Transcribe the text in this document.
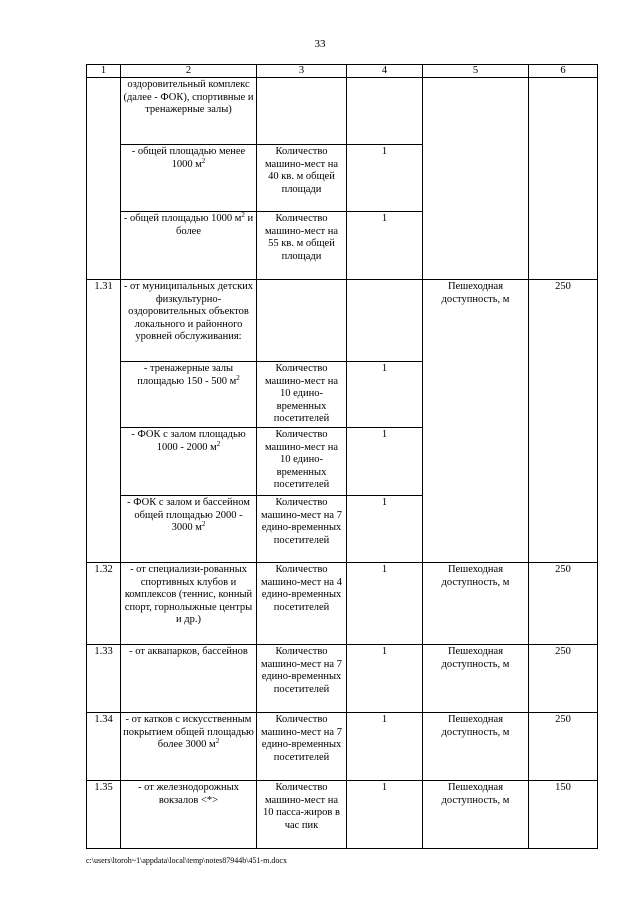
33
1	2	3	4	5	6
	оздоровительный комплекс (далее - ФОК), спортивные и тренажерные залы)				
	- общей площадью менее 1000 $м^2$	Количество машино-мест на 40 кв. м общей площади	1		
	- общей площадью 1000 $м^2$ и более	Количество машино-мест на 55 кв. м общей площади	1		
1.31	- от муниципальных детских физкультурно-оздоровительных объектов локального и районного уровней обслуживания:			Пешеходная доступность, м	250
	- тренажерные залы площадью 150 - 500 $м^2$	Количество машино-мест на 10 едино-временных посетителей	1		
	- ФОК с залом площадью 1000 - 2000 $м^2$	Количество машино-мест на 10 едино-временных посетителей	1		
	- ФОК с залом и бассейном общей площадью 2000 - 3000 $м^2$	Количество машино-мест на 7 едино-временных посетителей	1		
1.32	- от специализи-рованных спортивных клубов и комплексов (теннис, конный спорт, горнолыжные центры и др.)	Количество машино-мест на 4 едино-временных посетителей	1	Пешеходная доступность, м	250
1.33	- от аквапарков, бассейнов	Количество машино-мест на 7 едино-временных посетителей	1	Пешеходная доступность, м	250
1.34	- от катков с искусственным покрытием общей площадью более 3000 $м^2$	Количество машино-мест на 7 едино-временных посетителей	1	Пешеходная доступность, м	250
1.35	- от железнодорожных вокзалов <*>	Количество машино-мест на 10 пасса-жиров в час пик	1	Пешеходная доступность, м	150
c:\users\ltoroh~1\appdata\local\temp\notes87944b\451-m.docx
